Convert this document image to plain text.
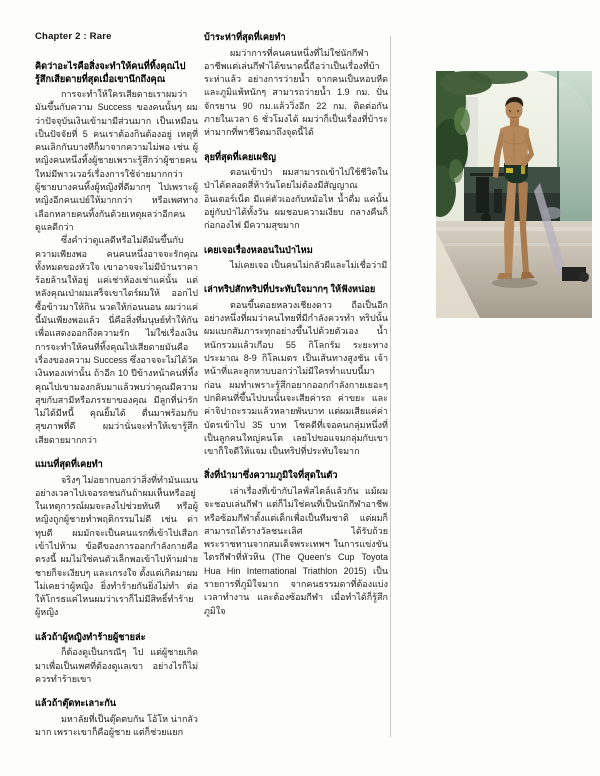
Chapter 2 : Rare
คิดว่าอะไรคือสิ่งจะทำให้คนที่ทิ้งคุณไป รู้สึกเสียดายที่สุดเมื่อเขานึกถึงคุณ

การจะทำให้ใครเสียดายเราผมว่ามันขึ้นกับความ Success ของคนนั้นๆ ผมว่าปัจจุบันเงินเข้ามามีส่วนมาก เป็นเหมือนเป็นปัจจัยที่ 5 คนเราต้องกินต้องอยู่ เหตุที่คนเลิกกันบางทีก็มาจากความไม่พอ เช่น ผู้หญิงคนหนึ่งทิ้งผู้ชายเพราะรู้สึกว่าผู้ชายคนใหม่มีพาวเวอร์เรื่องการใช้จ่ายมากกว่า ผู้ชายบางคนทิ้งผู้หญิงที่ดีมากๆ ไปเพราะผู้หญิงอีกคนเปย์ให้มากกว่า หรือเพศทางเลือกหลายคนทิ้งกันด้วยเหตุผลว่าอีกคนดูแลดีกว่า

ซึ่งคำว่าดูแลดีหรือไม่ดีมันขึ้นกับความเพียงพอ คนคนหนึ่งอาจจะรักคุณทั้งหมดของหัวใจ เขาอาจจะไม่มีบ้านราคาร้อยล้านให้อยู่ แค่เช่าห้องเช่าแค่นั้น แต่หลังคุณเป่าผมเสร็จเขาไดร์ผมให้ ออกไปซื้อข้าวมาให้กิน นวดให้ก่อนนอน ผมว่าแค่นี้มันเพียงพอแล้ว นี่คือสิ่งที่มนุษย์ทำให้กันเพื่อแสดงออกถึงความรัก ไม่ใช่เรื่องเงิน การจะทำให้คนที่ทิ้งคุณไปเสียดายมันคือเรื่องของความ Success ซึ่งอาจจะไม่ได้วัดเงินทองเท่านั้น ถ้าอีก 10 ปีข้างหน้าคนที่ทิ้งคุณไปเขามองกลับมาแล้วพบว่าคุณมีความสุขกับสามีหรือภรรยาของคุณ มีลูกที่น่ารัก ไม่ได้มีหนี้ คุณยิ้มได้ ตื่นมาพร้อมกับสุขภาพที่ดี ผมว่านั่นจะทำให้เขารู้สึกเสียดายมากกว่า

แมนที่สุดที่เคยทำ

จริงๆ ไม่อยากบอกว่าสิ่งที่ทำมันแมน อย่างเวลาไปเจอรถชนกันถ้าผมเห็นหรืออยู่ในเหตุการณ์ผมจะลงไปช่วยทันที หรือผู้หญิงถูกผู้ชายทำพฤติกรรมไม่ดี เช่น ด่า ทุบตี ผมมักจะเป็นคนแรกที่เข้าไปเสือก เข้าไปห้าม ข้อดีของการออกกำลังกายคือตรงนี้ ผมไม่ใช่คนตัวเล็กพอเข้าไปห้ามฝ่ายชายก็จะเงียบๆ และเกรงใจ ตั้งแต่เกิดมาผมไม่เคยว่าผู้หญิง ยิ่งทำร้ายกันยิ่งไม่ทำ ต่อให้โกรธแค่ไหนผมว่าเราก็ไม่มีสิทธิ์ทำร้ายผู้หญิง

แล้วถ้าผู้หญิงทำร้ายผู้ชายล่ะ

ก็ต้องดูเป็นกรณีๆ ไป แต่ผู้ชายเกิดมาเพื่อเป็นเพศที่ต้องดูแลเขา อย่างไรก็ไม่ควรทำร้ายเขา

แล้วถ้าตุ๊ดทะเลาะกัน

มหาลัยที่เป็นตุ๊ดตบกัน โอ้โห น่ากลัวมาก เพราะเขาก็คือผู้ชาย แต่ก็ช่วยแยก

บ้าระห่าที่สุดที่เคยทำ

ผมว่าการที่คนคนหนึ่งที่ไม่ใช่นักกีฬาอาชีพแต่เล่นกีฬาได้ขนาดนี้ถือว่าเป็นเรื่องที่บ้าระห่าแล้ว อย่างการว่ายน้ำ จากคนเป็นหอบหืดและภูมิแพ้หนักๆ สามารถว่ายน้ำ 1.9 กม. ปั่นจักรยาน 90 กม.แล้ววิ่งอีก 22 กม. ติดต่อกันภายในเวลา 6 ชั่วโมงได้ ผมว่าก็เป็นเรื่องที่บ้าระห่ามากที่พาชีวิตมาถึงจุดนี้ได้

ลุยที่สุดที่เคยเผชิญ

ตอนเข้าป่า ผมสามารถเข้าไปใช้ชีวิตในป่าได้ตลอดสี่ห้าวันโดยไม่ต้องมีสัญญาณอินเตอร์เน็ต มีแค่ตัวเองกับหม้อไห น้ำดื่ม แค่นั้น อยู่กับป่าได้ทั้งวัน ผมชอบความเงียบ กลางคืนก็ก่อกองไฟ มีความสุขมาก

เคยเจอเรื่องหลอนในป่าไหม

ไม่เคยเจอ เป็นคนไม่กลัวผีและไม่เชื่อว่ามี

เล่าทริปสักทริปที่ประทับใจมากๆ ให้ฟังหน่อย

ตอนขึ้นดอยหลวงเชียงดาว ถือเป็นอีกอย่างหนึ่งที่ผมว่าคนไทยที่มีกำลังควรทำ ทริปนั้นผมแบกสัมภาระทุกอย่างขึ้นไปด้วยตัวเอง น้ำหนักรวมแล้วเกือบ 55 กิโลกรัม ระยะทางประมาณ 8-9 กิโลเมตร เป็นเส้นทางสูงชัน เจ้าหน้าที่และลูกหาบบอกว่าไม่มีใครทำแบบนี้มาก่อน ผมทำเพราะรู้สึกอยากออกกำลังกายเยอะๆ ปกติคนที่ขึ้นไปบนนั้นจะเสียค่ารถ ค่าขยะ และค่าจิปาถะรวมแล้วหลายพันบาท แต่ผมเสียแค่ค่าบัตรเข้าไป 35 บาท โชคดีที่เจอคนกลุ่มหนึ่งที่เป็นลูกคนใหญ่คนโต เลยไปขอแจมกลุ่มกับเขา เขาก็ใจดีให้แจม เป็นทริปที่ประทับใจมาก

สิ่งที่นำมาซึ่งความภูมิใจที่สุดในตัว

เล่าเรื่องที่เข้ากับไลฟ์สไตล์แล้วกัน แม้ผมจะชอบเล่นกีฬา แต่ก็ไม่ใช่คนที่เป็นนักกีฬาอาชีพหรือซ้อมกีฬาตั้งแต่เด็กเพื่อเป็นทีมชาติ แต่ผมก็สามารถได้รางวัลชนะเลิศ ได้รับถ้วยพระราชทานจากสมเด็จพระเทพฯ ในการแข่งขันไตรกีฬาที่หัวหิน (The Queen's Cup Toyota Hua Hin International Triathlon 2015) เป็นรายการที่ภูมิใจมาก จากคนธรรมดาที่ต้องแบ่งเวลาทำงาน และต้องซ้อมกีฬา เมื่อทำได้ก็รู้สึกภูมิใจ
